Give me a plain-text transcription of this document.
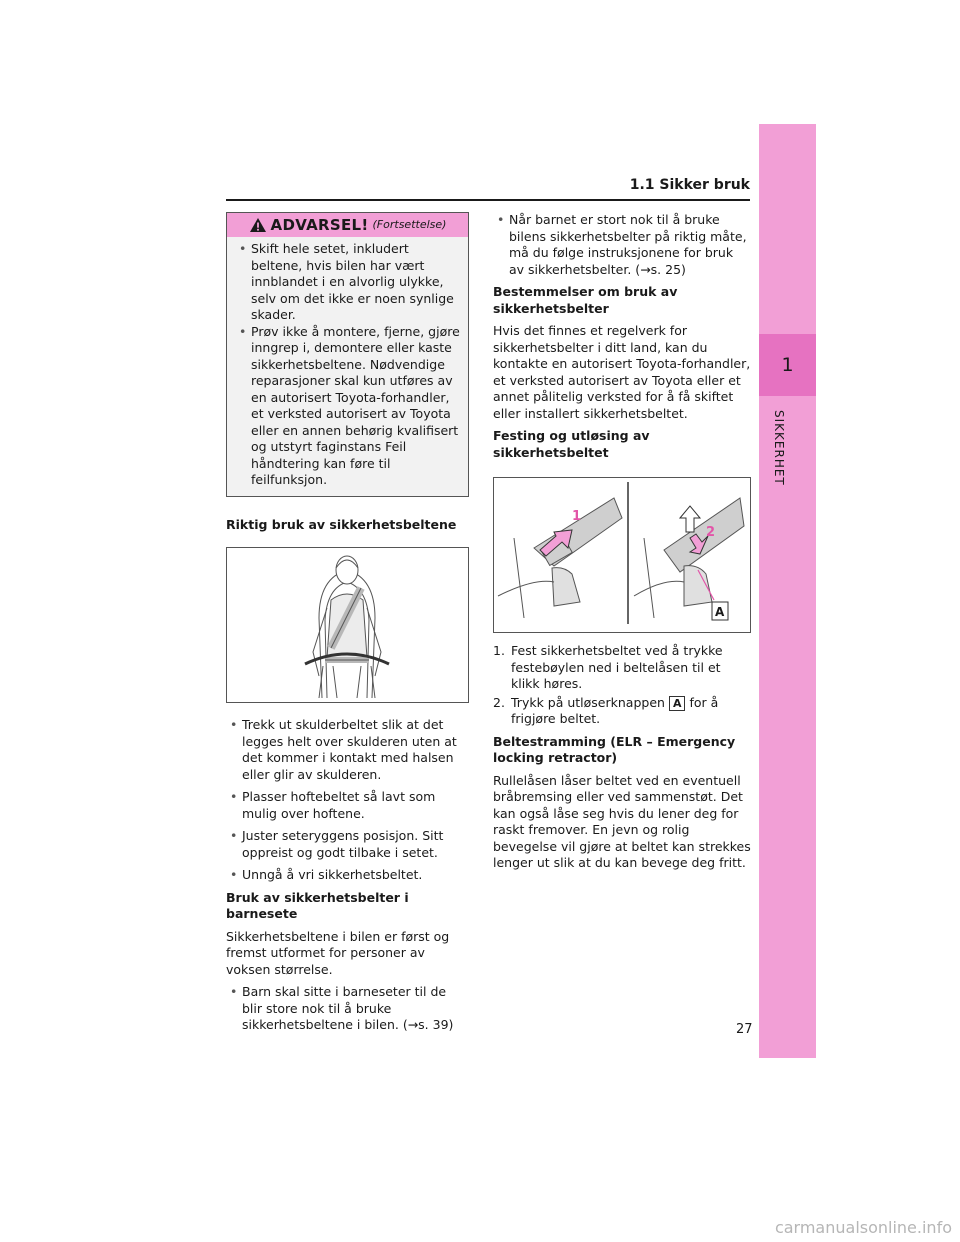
1
SIKKERHET
1.1 Sikker bruk
ADVARSEL! (Fortsettelse)
• Skift hele setet, inkludert beltene, hvis bilen har vært innblandet i en alvorlig ulykke, selv om det ikke er noen synlige skader.
• Prøv ikke å montere, fjerne, gjøre inngrep i, demontere eller kaste sikkerhetsbeltene. Nødvendige reparasjoner skal kun utføres av en autorisert Toyota-forhandler, et verksted autorisert av Toyota eller en annen behørig kvalifisert og utstyrt faginstans Feil håndtering kan føre til feilfunksjon.
Riktig bruk av sikkerhetsbeltene
• Trekk ut skulderbeltet slik at det legges helt over skulderen uten at det kommer i kontakt med halsen eller glir av skulderen.
• Plasser hoftebeltet så lavt som mulig over hoftene.
• Juster seteryggens posisjon. Sitt oppreist og godt tilbake i setet.
• Unngå å vri sikkerhetsbeltet.
Bruk av sikkerhetsbelter i barnesete

Sikkerhetsbeltene i bilen er først og fremst utformet for personer av voksen størrelse.

• Barn skal sitte i barneseter til de blir store nok til å bruke sikkerhetsbeltene i bilen. (→s. 39)
• Når barnet er stort nok til å bruke bilens sikkerhetsbelter på riktig måte, må du følge instruksjonene for bruk av sikkerhetsbelter. (→s. 25)
Bestemmelser om bruk av sikkerhetsbelter

Hvis det finnes et regelverk for sikkerhetsbelter i ditt land, kan du kontakte en autorisert Toyota-forhandler, et verksted autorisert av Toyota eller et annet pålitelig verksted for å få skiftet eller installert sikkerhetsbeltet.

Festing og utløsing av sikkerhetsbeltet
1
2
A
1. Fest sikkerhetsbeltet ved å trykke festebøylen ned i beltelåsen til et klikk høres.
2. Trykk på utløserknappen A for å frigjøre beltet.
Beltestramming (ELR – Emergency locking retractor)

Rullelåsen låser beltet ved en eventuell bråbremsing eller ved sammenstøt. Det kan også låse seg hvis du lener deg for raskt fremover. En jevn og rolig bevegelse vil gjøre at beltet kan strekkes lenger ut slik at du kan bevege deg fritt.

27
carmanualsonline.info
